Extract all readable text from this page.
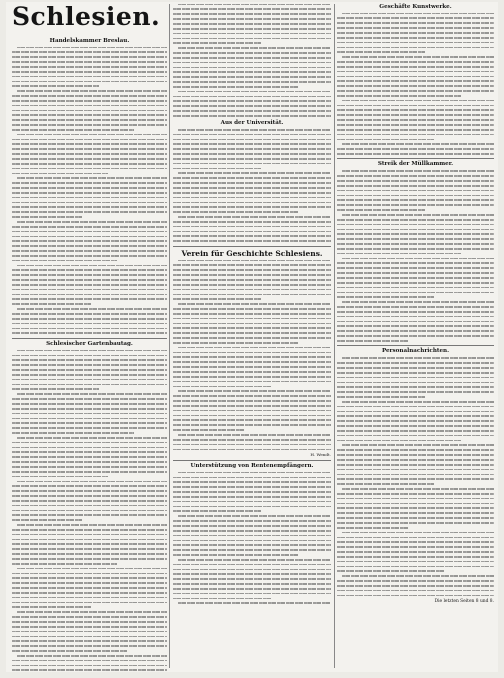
Schlesien.
Handelskammer Breslau.
Schlesischer Gartenbautag.
Aus der Universität.
Verein für Geschichte Schlesiens.
H. Wendt.
Unterstützung von Rentenempfängern.
Geschäfte Kunstwerke.
Streik der Müllkammer.
Personalnachrichten.
Die letzten Seiten 8 und 8.
